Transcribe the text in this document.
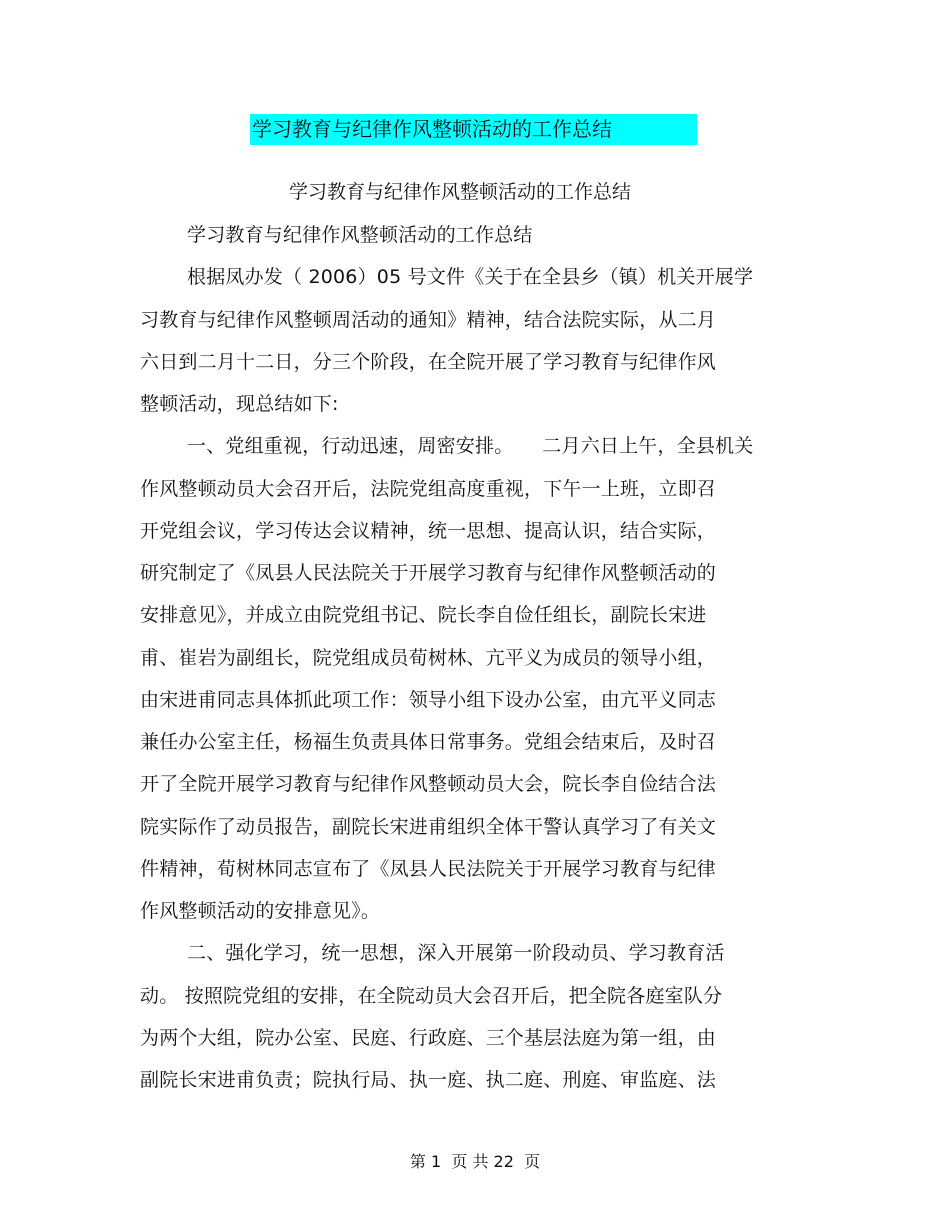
学习教育与纪律作风整顿活动的工作总结
学习教育与纪律作风整顿活动的工作总结
学习教育与纪律作风整顿活动的工作总结
根据凤办发（ 2006）05 号文件《关于在全县乡（镇）机关开展学
习教育与纪律作风整顿周活动的通知》精神，结合法院实际，从二月
六日到二月十二日，分三个阶段，在全院开展了学习教育与纪律作风
整顿活动，现总结如下:
一、党组重视，行动迅速，周密安排。　　二月六日上午，全县机关
作风整顿动员大会召开后，法院党组高度重视，下午一上班，立即召
开党组会议，学习传达会议精神，统一思想、提高认识，结合实际，
研究制定了《凤县人民法院关于开展学习教育与纪律作风整顿活动的
安排意见》，并成立由院党组书记、院长李自俭任组长，副院长宋进
甫、崔岩为副组长，院党组成员荀树林、亢平义为成员的领导小组，
由宋进甫同志具体抓此项工作：领导小组下设办公室，由亢平义同志
兼任办公室主任，杨福生负责具体日常事务。党组会结束后，及时召
开了全院开展学习教育与纪律作风整顿动员大会，院长李自俭结合法
院实际作了动员报告，副院长宋进甫组织全体干警认真学习了有关文
件精神，荀树林同志宣布了《凤县人民法院关于开展学习教育与纪律
作风整顿活动的安排意见》。
二、强化学习，统一思想，深入开展第一阶段动员、学习教育活
动。 按照院党组的安排，在全院动员大会召开后，把全院各庭室队分
为两个大组，院办公室、民庭、行政庭、三个基层法庭为第一组，由
副院长宋进甫负责；院执行局、执一庭、执二庭、刑庭、审监庭、法
第 1  页 共 22  页
